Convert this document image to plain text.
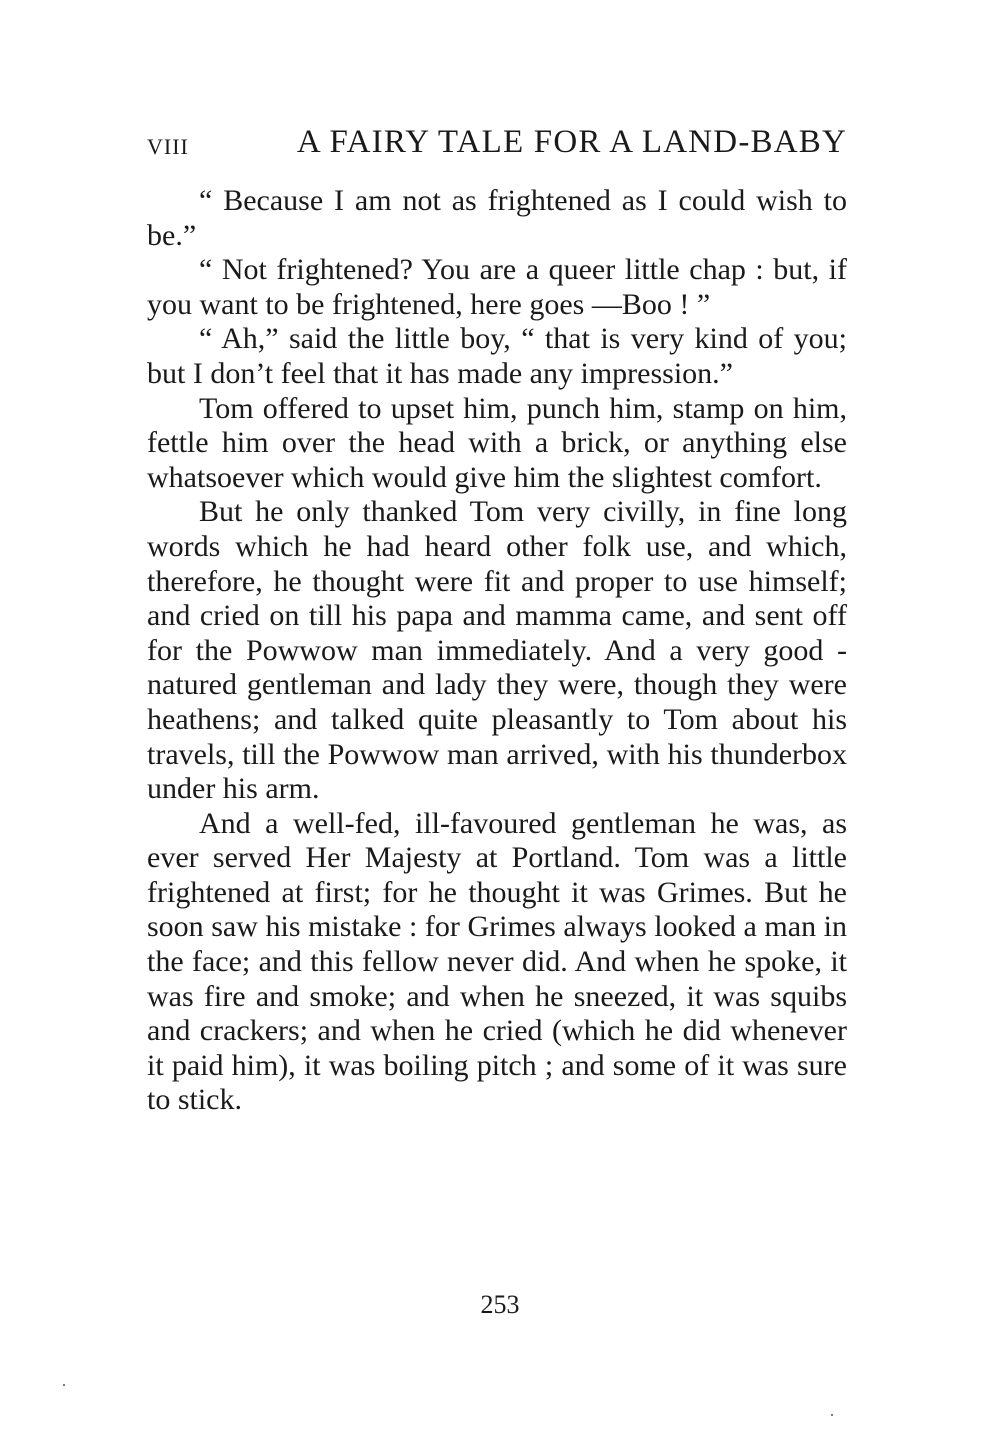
VIII	A FAIRY TALE FOR A LAND-BABY

“ Because I am not as frightened as I could wish to be.”

“ Not frightened? You are a queer little chap : but, if you want to be frightened, here goes —Boo ! ”

“ Ah,” said the little boy, “ that is very kind of you; but I don’t feel that it has made any impression.”

Tom offered to upset him, punch him, stamp on him, fettle him over the head with a brick, or anything else whatsoever which would give him the slightest comfort.

But he only thanked Tom very civilly, in fine long words which he had heard other folk use, and which, therefore, he thought were fit and proper to use himself; and cried on till his papa and mamma came, and sent off for the Powwow man immediately. And a very good - natured gentleman and lady they were, though they were heathens; and talked quite pleasantly to Tom about his travels, till the Powwow man arrived, with his thunderbox under his arm.

And a well-fed, ill-favoured gentleman he was, as ever served Her Majesty at Portland. Tom was a little frightened at first; for he thought it was Grimes. But he soon saw his mistake : for Grimes always looked a man in the face; and this fellow never did. And when he spoke, it was fire and smoke; and when he sneezed, it was squibs and crackers; and when he cried (which he did whenever it paid him), it was boiling pitch ; and some of it was sure to stick.

253
